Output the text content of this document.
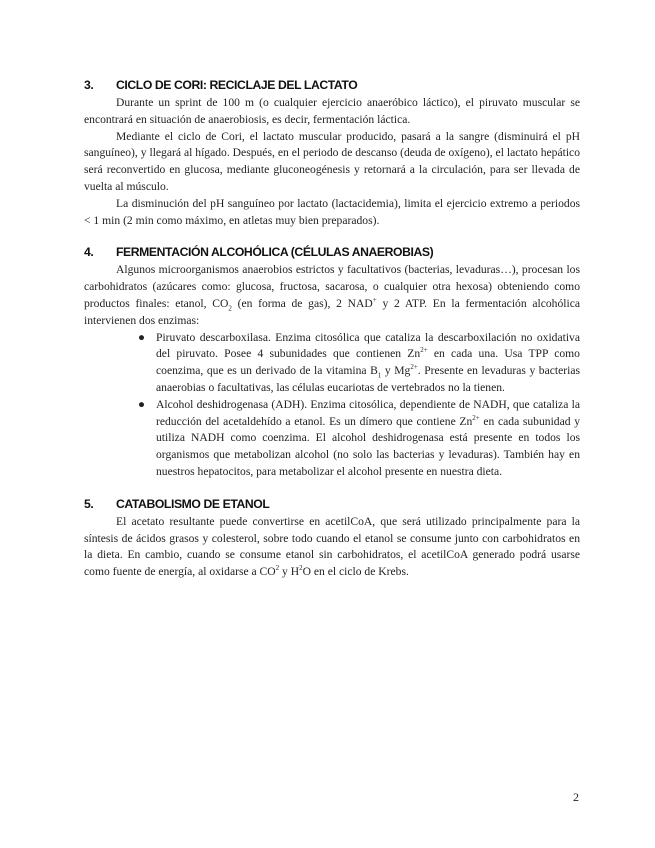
3.	CICLO DE CORI: RECICLAJE DEL LACTATO

Durante un sprint de 100 m (o cualquier ejercicio anaeróbico láctico), el piruvato muscular se encontrará en situación de anaerobiosis, es decir, fermentación láctica.

Mediante el ciclo de Cori, el lactato muscular producido, pasará a la sangre (disminuirá el pH sanguíneo), y llegará al hígado. Después, en el periodo de descanso (deuda de oxígeno), el lactato hepático será reconvertido en glucosa, mediante gluconeogénesis y retornará a la circulación, para ser llevada de vuelta al músculo.

La disminución del pH sanguíneo por lactato (lactacidemia), limita el ejercicio extremo a periodos < 1 min (2 min como máximo, en atletas muy bien preparados).

4.	FERMENTACIÓN ALCOHÓLICA (CÉLULAS ANAEROBIAS)

Algunos microorganismos anaerobios estrictos y facultativos (bacterias, levaduras…), procesan los carbohidratos (azúcares como: glucosa, fructosa, sacarosa, o cualquier otra hexosa) obteniendo como productos finales: etanol, $CO_2$ (en forma de gas), 2 NAD+ y 2 ATP. En la fermentación alcohólica intervienen dos enzimas:

● Piruvato descarboxilasa. Enzima citosólica que cataliza la descarboxilación no oxidativa del piruvato. Posee 4 subunidades que contienen $Zn^{2+}$ en cada una. Usa TPP como coenzima, que es un derivado de la vitamina $B_1$ y $Mg^{2+}$. Presente en levaduras y bacterias anaerobias o facultativas, las células eucariotas de vertebrados no la tienen.
● Alcohol deshidrogenasa (ADH). Enzima citosólica, dependiente de NADH, que cataliza la reducción del acetaldehído a etanol. Es un dímero que contiene $Zn^{2+}$ en cada subunidad y utiliza NADH como coenzima. El alcohol deshidrogenasa está presente en todos los organismos que metabolizan alcohol (no solo las bacterias y levaduras). También hay en nuestros hepatocitos, para metabolizar el alcohol presente en nuestra dieta.
5.	CATABOLISMO DE ETANOL

El acetato resultante puede convertirse en acetilCoA, que será utilizado principalmente para la síntesis de ácidos grasos y colesterol, sobre todo cuando el etanol se consume junto con carbohidratos en la dieta. En cambio, cuando se consume etanol sin carbohidratos, el acetilCoA generado podrá usarse como fuente de energía, al oxidarse a $CO^2$ y $H^2O$ en el ciclo de Krebs.

2
